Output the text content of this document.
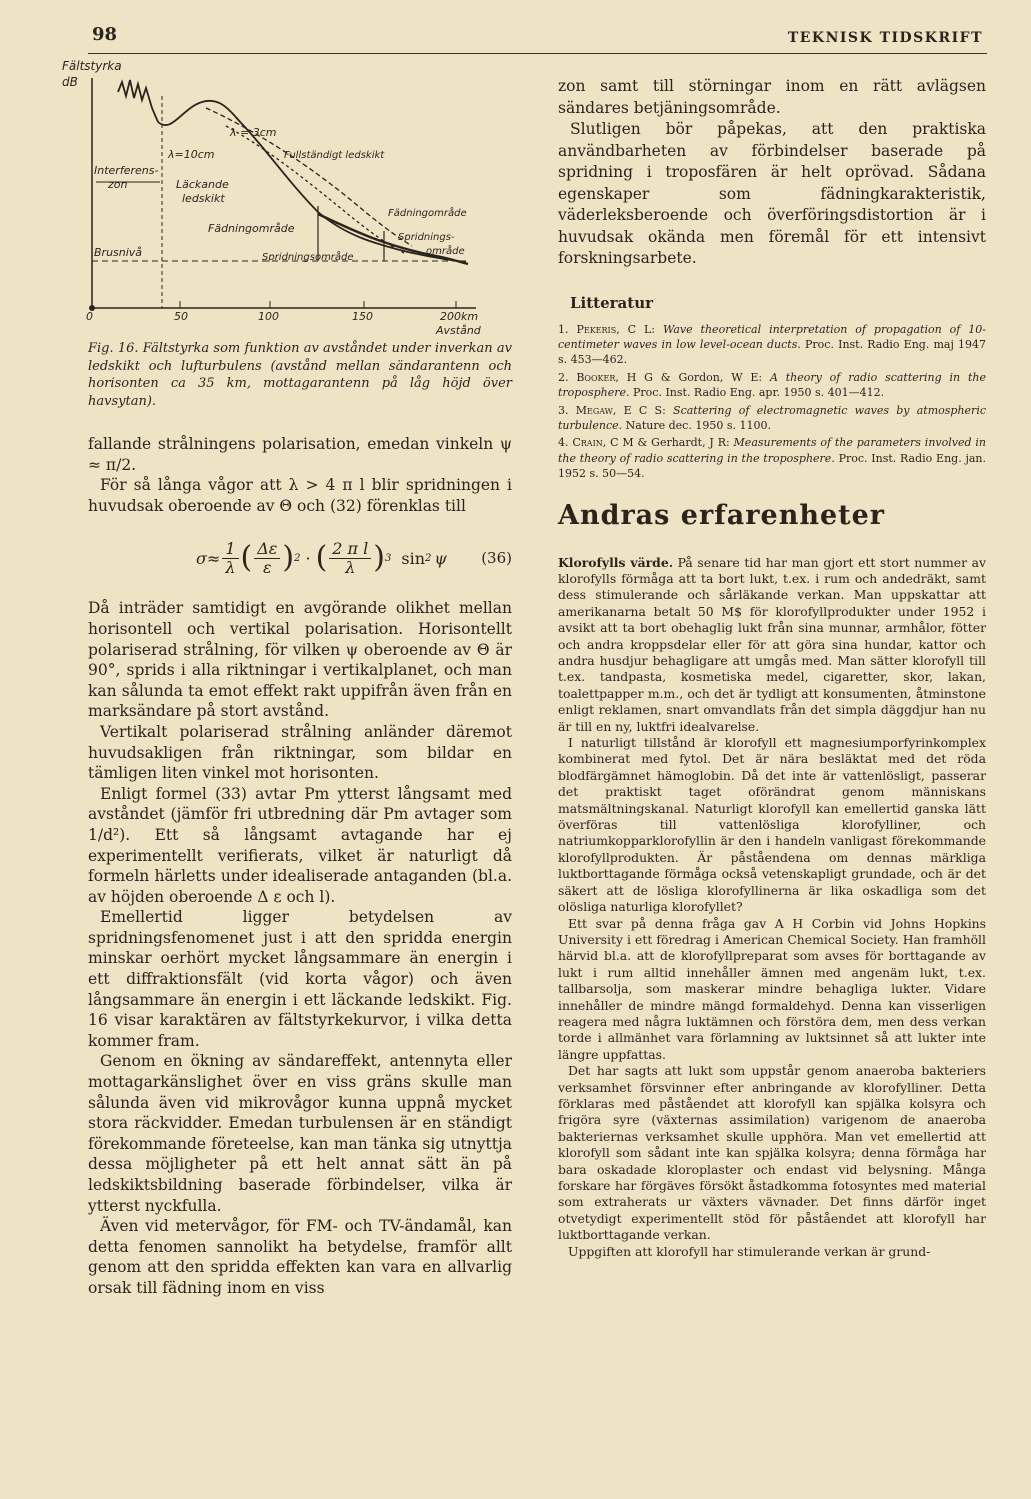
98	TEKNISK TIDSKRIFT
Fältstyrka
dB
0	50	100	150	200km
Avstånd
Interferens-
zon
Brusnivå
λ = 3cm
λ=10cm	Fullständigt ledskikt
Läckande
ledskikt
Fädningområde
Fädningområde
Spridningsområde
Spridnings-
område

Fig. 16. Fältstyrka som funktion av avståndet under inverkan av ledskikt och lufturbulens (avstånd mellan sändarantenn och horisonten ca 35 km, mottagarantenn på låg höjd över havsytan).

fallande strålningens polarisation, emedan vinkeln ψ ≈ π/2.

För så långa vågor att λ > 4 π l blir spridningen i huvudsak oberoende av Θ och (32) förenklas till

$\sigma\approx \frac{1}{\lambda}$ ( $\frac{\Delta\varepsilon}{\varepsilon}$ ) 2 · ( $\frac{\text{2 π l}}{\lambda}$ ) 3 sin 2 ψ (36)

Då inträder samtidigt en avgörande olikhet mellan horisontell och vertikal polarisation. Horisontellt polariserad strålning, för vilken ψ oberoende av Θ är 90°, sprids i alla riktningar i vertikalplanet, och man kan sålunda ta emot effekt rakt uppifrån även från en marksändare på stort avstånd.

Vertikalt polariserad strålning anländer däremot huvudsakligen från riktningar, som bildar en tämligen liten vinkel mot horisonten.

Enligt formel (33) avtar Pm ytterst långsamt med avståndet (jämför fri utbredning där Pm avtager som 1/d²). Ett så långsamt avtagande har ej experimentellt verifierats, vilket är naturligt då formeln härletts under idealiserade antaganden (bl.a. av höjden oberoende Δ ε och l).

Emellertid ligger betydelsen av spridningsfenomenet just i att den spridda energin minskar oerhört mycket långsammare än energin i ett diffraktionsfält (vid korta vågor) och även långsammare än energin i ett läckande ledskikt. Fig. 16 visar karaktären av fältstyrkekurvor, i vilka detta kommer fram.

Genom en ökning av sändareffekt, antennyta eller mottagarkänslighet över en viss gräns skulle man sålunda även vid mikrovågor kunna uppnå mycket stora räckvidder. Emedan turbulensen är en ständigt förekommande företeelse, kan man tänka sig utnyttja dessa möjligheter på ett helt annat sätt än på ledskiktsbildning baserade förbindelser, vilka är ytterst nyckfulla.

Även vid metervågor, för FM- och TV-ändamål, kan detta fenomen sannolikt ha betydelse, framför allt genom att den spridda effekten kan vara en allvarlig orsak till fädning inom en viss

zon samt till störningar inom en rätt avlägsen sändares betjäningsområde.

Slutligen bör påpekas, att den praktiska användbarheten av förbindelser baserade på spridning i troposfären är helt oprövad. Sådana egenskaper som fädningkarakteristik, väderleksberoende och överföringsdistortion är i huvudsak okända men föremål för ett intensivt forskningsarbete.

Litteratur

1. Pekeris, C L: Wave theoretical interpretation of propagation of 10-centimeter waves in low level-ocean ducts. Proc. Inst. Radio Eng. maj 1947 s. 453—462.

2. Booker, H G & Gordon, W E: A theory of radio scattering in the troposphere. Proc. Inst. Radio Eng. apr. 1950 s. 401—412.

3. Megaw, E C S: Scattering of electromagnetic waves by atmospheric turbulence. Nature dec. 1950 s. 1100.

4. Crain, C M & Gerhardt, J R: Measurements of the parameters involved in the theory of radio scattering in the troposphere. Proc. Inst. Radio Eng. jan. 1952 s. 50—54.

Andras erfarenheter

Klorofylls värde. På senare tid har man gjort ett stort nummer av klorofylls förmåga att ta bort lukt, t.ex. i rum och andedräkt, samt dess stimulerande och sårläkande verkan. Man uppskattar att amerikanarna betalt 50 M$ för klorofyllprodukter under 1952 i avsikt att ta bort obehaglig lukt från sina munnar, armhålor, fötter och andra kroppsdelar eller för att göra sina hundar, kattor och andra husdjur behagligare att umgås med. Man sätter klorofyll till t.ex. tandpasta, kosmetiska medel, cigaretter, skor, lakan, toalettpapper m.m., och det är tydligt att konsumenten, åtminstone enligt reklamen, snart omvandlats från det simpla däggdjur han nu är till en ny, luktfri idealvarelse.

I naturligt tillstånd är klorofyll ett magnesiumporfyrinkomplex kombinerat med fytol. Det är nära besläktat med det röda blodfärgämnet hämoglobin. Då det inte är vattenlösligt, passerar det praktiskt taget oförändrat genom människans matsmältningskanal. Naturligt klorofyll kan emellertid ganska lätt överföras till vattenlösliga klorofylliner, och natriumkopparklorofyllin är den i handeln vanligast förekommande klorofyllprodukten. Är påståendena om dennas märkliga luktborttagande förmåga också vetenskapligt grundade, och är det säkert att de lösliga klorofyllinerna är lika oskadliga som det olösliga naturliga klorofyllet?

Ett svar på denna fråga gav A H Corbin vid Johns Hopkins University i ett föredrag i American Chemical Society. Han framhöll härvid bl.a. att de klorofyllpreparat som avses för borttagande av lukt i rum alltid innehåller ämnen med angenäm lukt, t.ex. tallbarsolja, som maskerar mindre behagliga lukter. Vidare innehåller de mindre mängd formaldehyd. Denna kan visserligen reagera med några luktämnen och förstöra dem, men dess verkan torde i allmänhet vara förlamning av luktsinnet så att lukter inte längre uppfattas.

Det har sagts att lukt som uppstår genom anaeroba bakteriers verksamhet försvinner efter anbringande av klorofylliner. Detta förklaras med påståendet att klorofyll kan spjälka kolsyra och frigöra syre (växternas assimilation) varigenom de anaeroba bakteriernas verksamhet skulle upphöra. Man vet emellertid att klorofyll som sådant inte kan spjälka kolsyra; denna förmåga har bara oskadade kloroplaster och endast vid belysning. Många forskare har förgäves försökt åstadkomma fotosyntes med material som extraherats ur växters vävnader. Det finns därför inget otvetydigt experimentellt stöd för påståendet att klorofyll har luktborttagande verkan.

Uppgiften att klorofyll har stimulerande verkan är grund-
